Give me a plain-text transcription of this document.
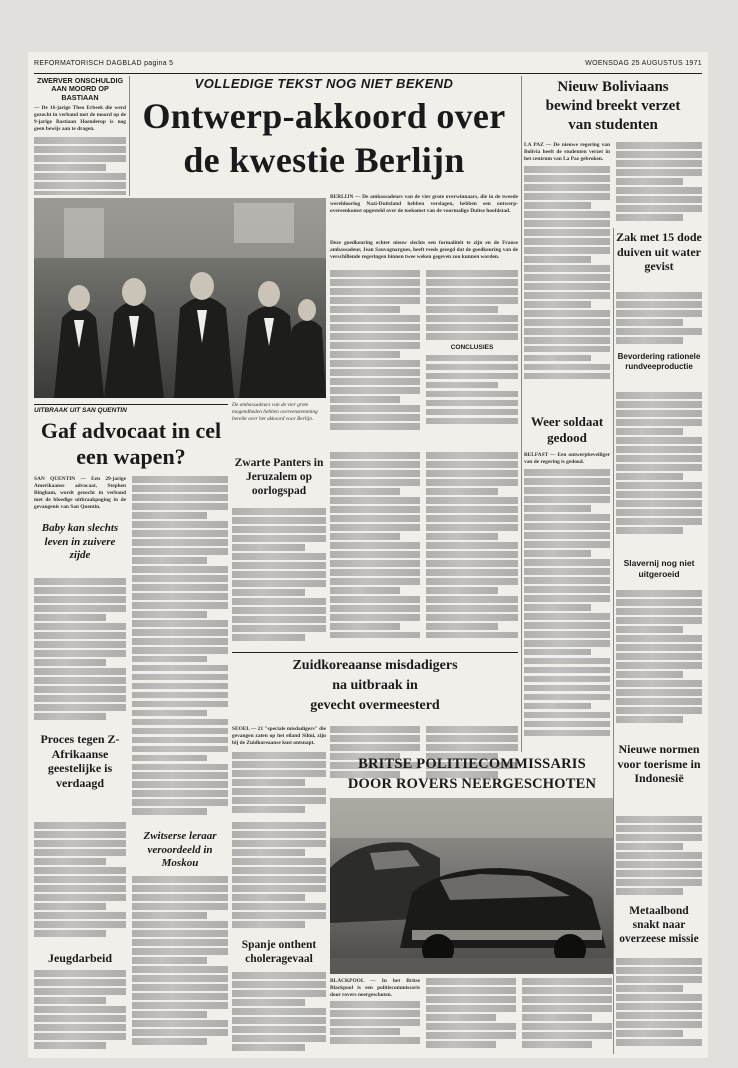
REFORMATORISCH DAGBLAD pagina 5	WOENSDAG 25 AUGUSTUS 1971

ZWERVER ONSCHULDIG AAN MOORD OP BASTIAAN

— De 16-jarige Theo Erbeek die werd gezocht in verband met de moord op de 9-jarige Bastiaan Hoenderop is nog geen bewijs aan te dragen.

VOLLEDIGE TEKST NOG NIET BEKEND

Ontwerp-akkoord over

de kwestie Berlijn

BERLIJN — De ambassadeurs van de vier grote overwinnaars, die in de tweede wereldoorlog Nazi-Duitsland hebben verslagen, hebben een ontwerp-overeenkomst opgesteld over de toekomst van de voormalige Duitse hoofdstad.

Deze goedkeuring echter nieuw slechts een formaliteit te zijn en de Franse ambassadeur, Jean Sauvagnargues, heeft reeds gezegd dat de goedkeuring van de verschillende regeringen binnen twee weken gegeven zou kunnen worden.

CONCLUSIES

Nieuw Boliviaans

bewind breekt verzet

van studenten

LA PAZ — De nieuwe regering van Bolivia heeft de studenten verzet in het centrum van La Paz gebroken.

Zak met 15 dode duiven uit water gevist

Bevordering rationele rundveeproductie

Weer soldaat gedood

BELFAST — Een ontwerpbeveiliger van de regering is gedood.

Slavernij nog niet uitgeroeid

Nieuwe normen voor toerisme in Indonesië

Metaalbond snakt naar overzeese missie

De ambassadeurs van de vier grote mogendheden hebben overeenstemming bereikt over het akkoord voor Berlijn.

UITBRAAK UIT SAN QUENTIN

Gaf advocaat in cel een wapen?

SAN QUENTIN — Een 29-jarige Amerikaanse advocaat, Stephen Bingham, wordt gezocht in verband met de bloedige uitbraakpoging in de gevangenis van San Quentin.

Baby kan slechts leven in zuivere zijde

Proces tegen Z-Afrikaanse geestelijke is verdaagd

Jeugdarbeid

Zwarte Panters in Jeruzalem op oorlogspad

Zuidkoreaanse misdadigers

na uitbraak in

gevecht overmeesterd

SEOEL — 21 "speciale misdadigers" die gevangen zaten op het eiland Silmi, zijn bij de Zuidkoreaanse kust ontsnapt.

Zwitserse leraar veroordeeld in Moskou

Spanje onthent choleragevaal

BRITSE POLITIECOMMISSARIS

DOOR ROVERS NEERGESCHOTEN

BLACKPOOL — In het Britse Blackpool is een politiecommissaris door rovers neergeschoten.
